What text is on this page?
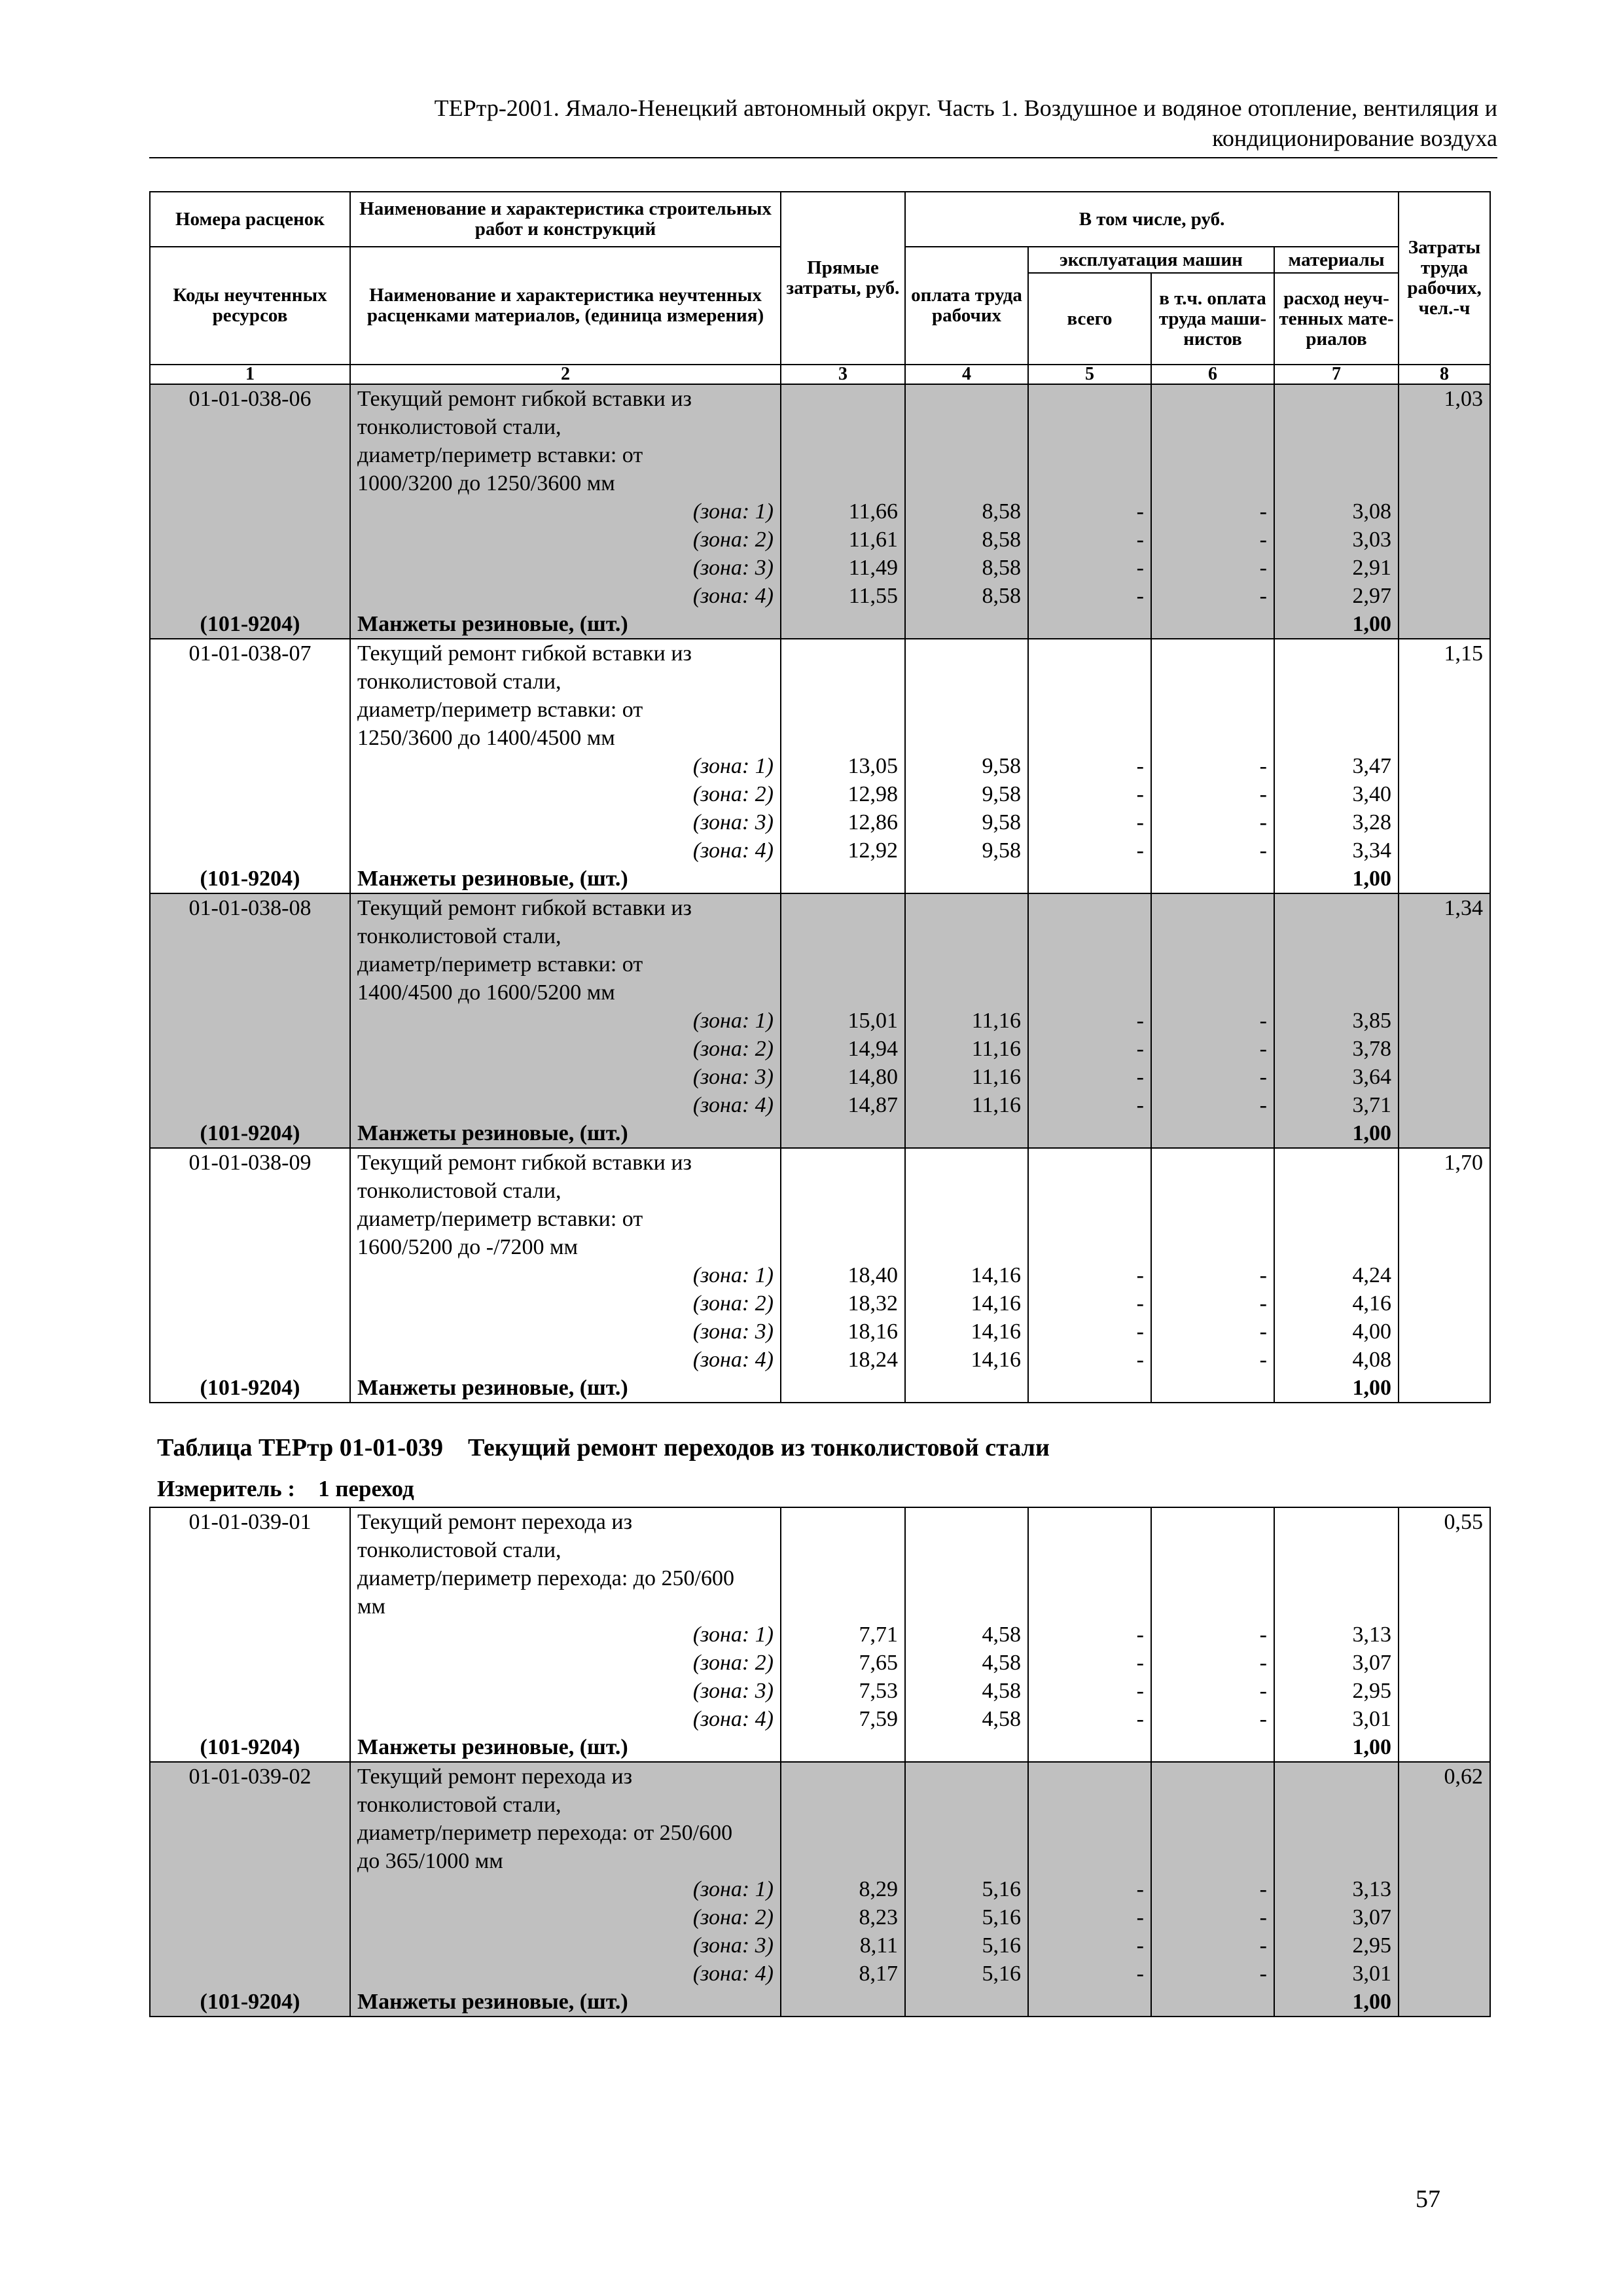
ТЕРтр-2001. Ямало-Ненецкий автономный округ. Часть 1. Воздушное и водяное отопление, вентиляция и
кондиционирование воздуха
Номера расценок	Наименование и характеристика строительных работ и конструкций	Прямые затраты, руб.	В том числе, руб.				Затраты труда рабочих, чел.-ч
Коды неучтенных ресурсов	Наименование и характеристика неучтенных расценками материалов, (единица измерения)		оплата труда рабочих	эксплуатация машин		материалы	
				всего	в т.ч. оплата труда маши-нистов	расход неуч-тенных мате-риалов	

1	2	3	4	5	6	7	8
01-01-038-06	Текущий ремонт гибкой вставки из						1,03
	тонколистовой стали,						
	диаметр/периметр вставки: от						
	1000/3200 до 1250/3600 мм						
	(зона: 1)	11,66	8,58	-	-	3,08	
	(зона: 2)	11,61	8,58	-	-	3,03	
	(зона: 3)	11,49	8,58	-	-	2,91	
	(зона: 4)	11,55	8,58	-	-	2,97	
(101-9204)	Манжеты резиновые, (шт.)					1,00	
01-01-038-07	Текущий ремонт гибкой вставки из						1,15
	тонколистовой стали,						
	диаметр/периметр вставки: от						
	1250/3600 до 1400/4500 мм						
	(зона: 1)	13,05	9,58	-	-	3,47	
	(зона: 2)	12,98	9,58	-	-	3,40	
	(зона: 3)	12,86	9,58	-	-	3,28	
	(зона: 4)	12,92	9,58	-	-	3,34	
(101-9204)	Манжеты резиновые, (шт.)					1,00	
01-01-038-08	Текущий ремонт гибкой вставки из						1,34
	тонколистовой стали,						
	диаметр/периметр вставки: от						
	1400/4500 до 1600/5200 мм						
	(зона: 1)	15,01	11,16	-	-	3,85	
	(зона: 2)	14,94	11,16	-	-	3,78	
	(зона: 3)	14,80	11,16	-	-	3,64	
	(зона: 4)	14,87	11,16	-	-	3,71	
(101-9204)	Манжеты резиновые, (шт.)					1,00	
01-01-038-09	Текущий ремонт гибкой вставки из						1,70
	тонколистовой стали,						
	диаметр/периметр вставки: от						
	1600/5200 до -/7200 мм						
	(зона: 1)	18,40	14,16	-	-	4,24	
	(зона: 2)	18,32	14,16	-	-	4,16	
	(зона: 3)	18,16	14,16	-	-	4,00	
	(зона: 4)	18,24	14,16	-	-	4,08	
(101-9204)	Манжеты резиновые, (шт.)					1,00	
Таблица ТЕРтр 01-01-039    Текущий ремонт переходов из тонколистовой стали
Измеритель :    1 переход
01-01-039-01	Текущий ремонт перехода из						0,55
	тонколистовой стали,						
	диаметр/периметр перехода: до 250/600						
	мм						
	(зона: 1)	7,71	4,58	-	-	3,13	
	(зона: 2)	7,65	4,58	-	-	3,07	
	(зона: 3)	7,53	4,58	-	-	2,95	
	(зона: 4)	7,59	4,58	-	-	3,01	
(101-9204)	Манжеты резиновые, (шт.)					1,00	
01-01-039-02	Текущий ремонт перехода из						0,62
	тонколистовой стали,						
	диаметр/периметр перехода: от 250/600						
	до 365/1000 мм						
	(зона: 1)	8,29	5,16	-	-	3,13	
	(зона: 2)	8,23	5,16	-	-	3,07	
	(зона: 3)	8,11	5,16	-	-	2,95	
	(зона: 4)	8,17	5,16	-	-	3,01	
(101-9204)	Манжеты резиновые, (шт.)					1,00	
57
